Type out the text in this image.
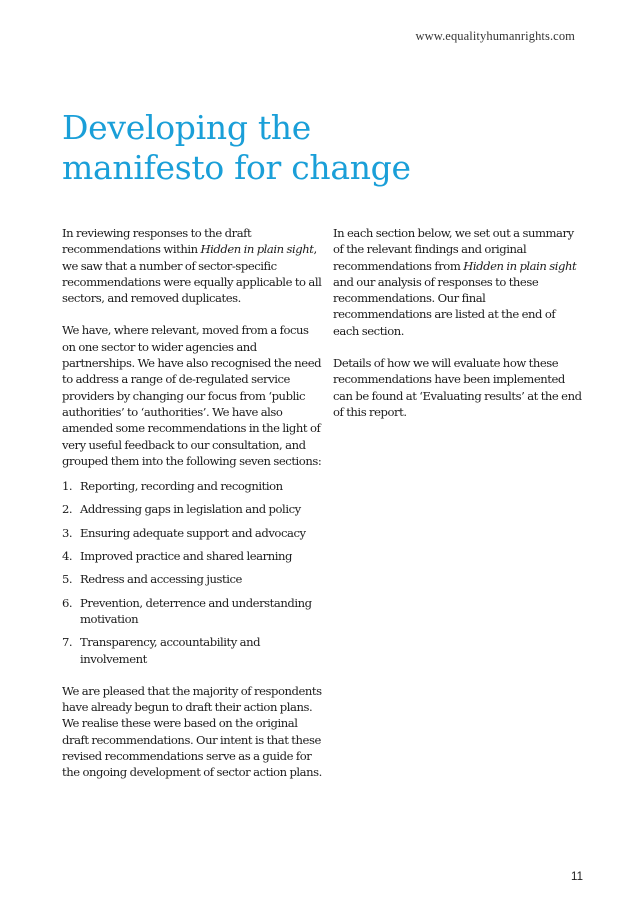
www.equalityhumanrights.com
Developing the
manifesto for change

In reviewing responses to the draft recommendations within Hidden in plain sight, we saw that a number of sector-specific recommendations were equally applicable to all sectors, and removed duplicates.

We have, where relevant, moved from a focus on one sector to wider agencies and partnerships. We have also recognised the need to address a range of de-regulated service providers by changing our focus from ‘public authorities’ to ‘authorities’. We have also amended some recommendations in the light of very useful feedback to our consultation, and grouped them into the following seven sections:

1. Reporting, recording and recognition
2. Addressing gaps in legislation and policy
3. Ensuring adequate support and advocacy
4. Improved practice and shared learning
5. Redress and accessing justice
6. Prevention, deterrence and understanding motivation
7. Transparency, accountability and involvement

We are pleased that the majority of respondents have already begun to draft their action plans. We realise these were based on the original draft recommendations. Our intent is that these revised recommendations serve as a guide for the ongoing development of sector action plans.

In each section below, we set out a summary of the relevant findings and original recommendations from Hidden in plain sight and our analysis of responses to these recommendations. Our final recommendations are listed at the end of each section.

Details of how we will evaluate how these recommendations have been implemented can be found at ‘Evaluating results’ at the end of this report.

11
